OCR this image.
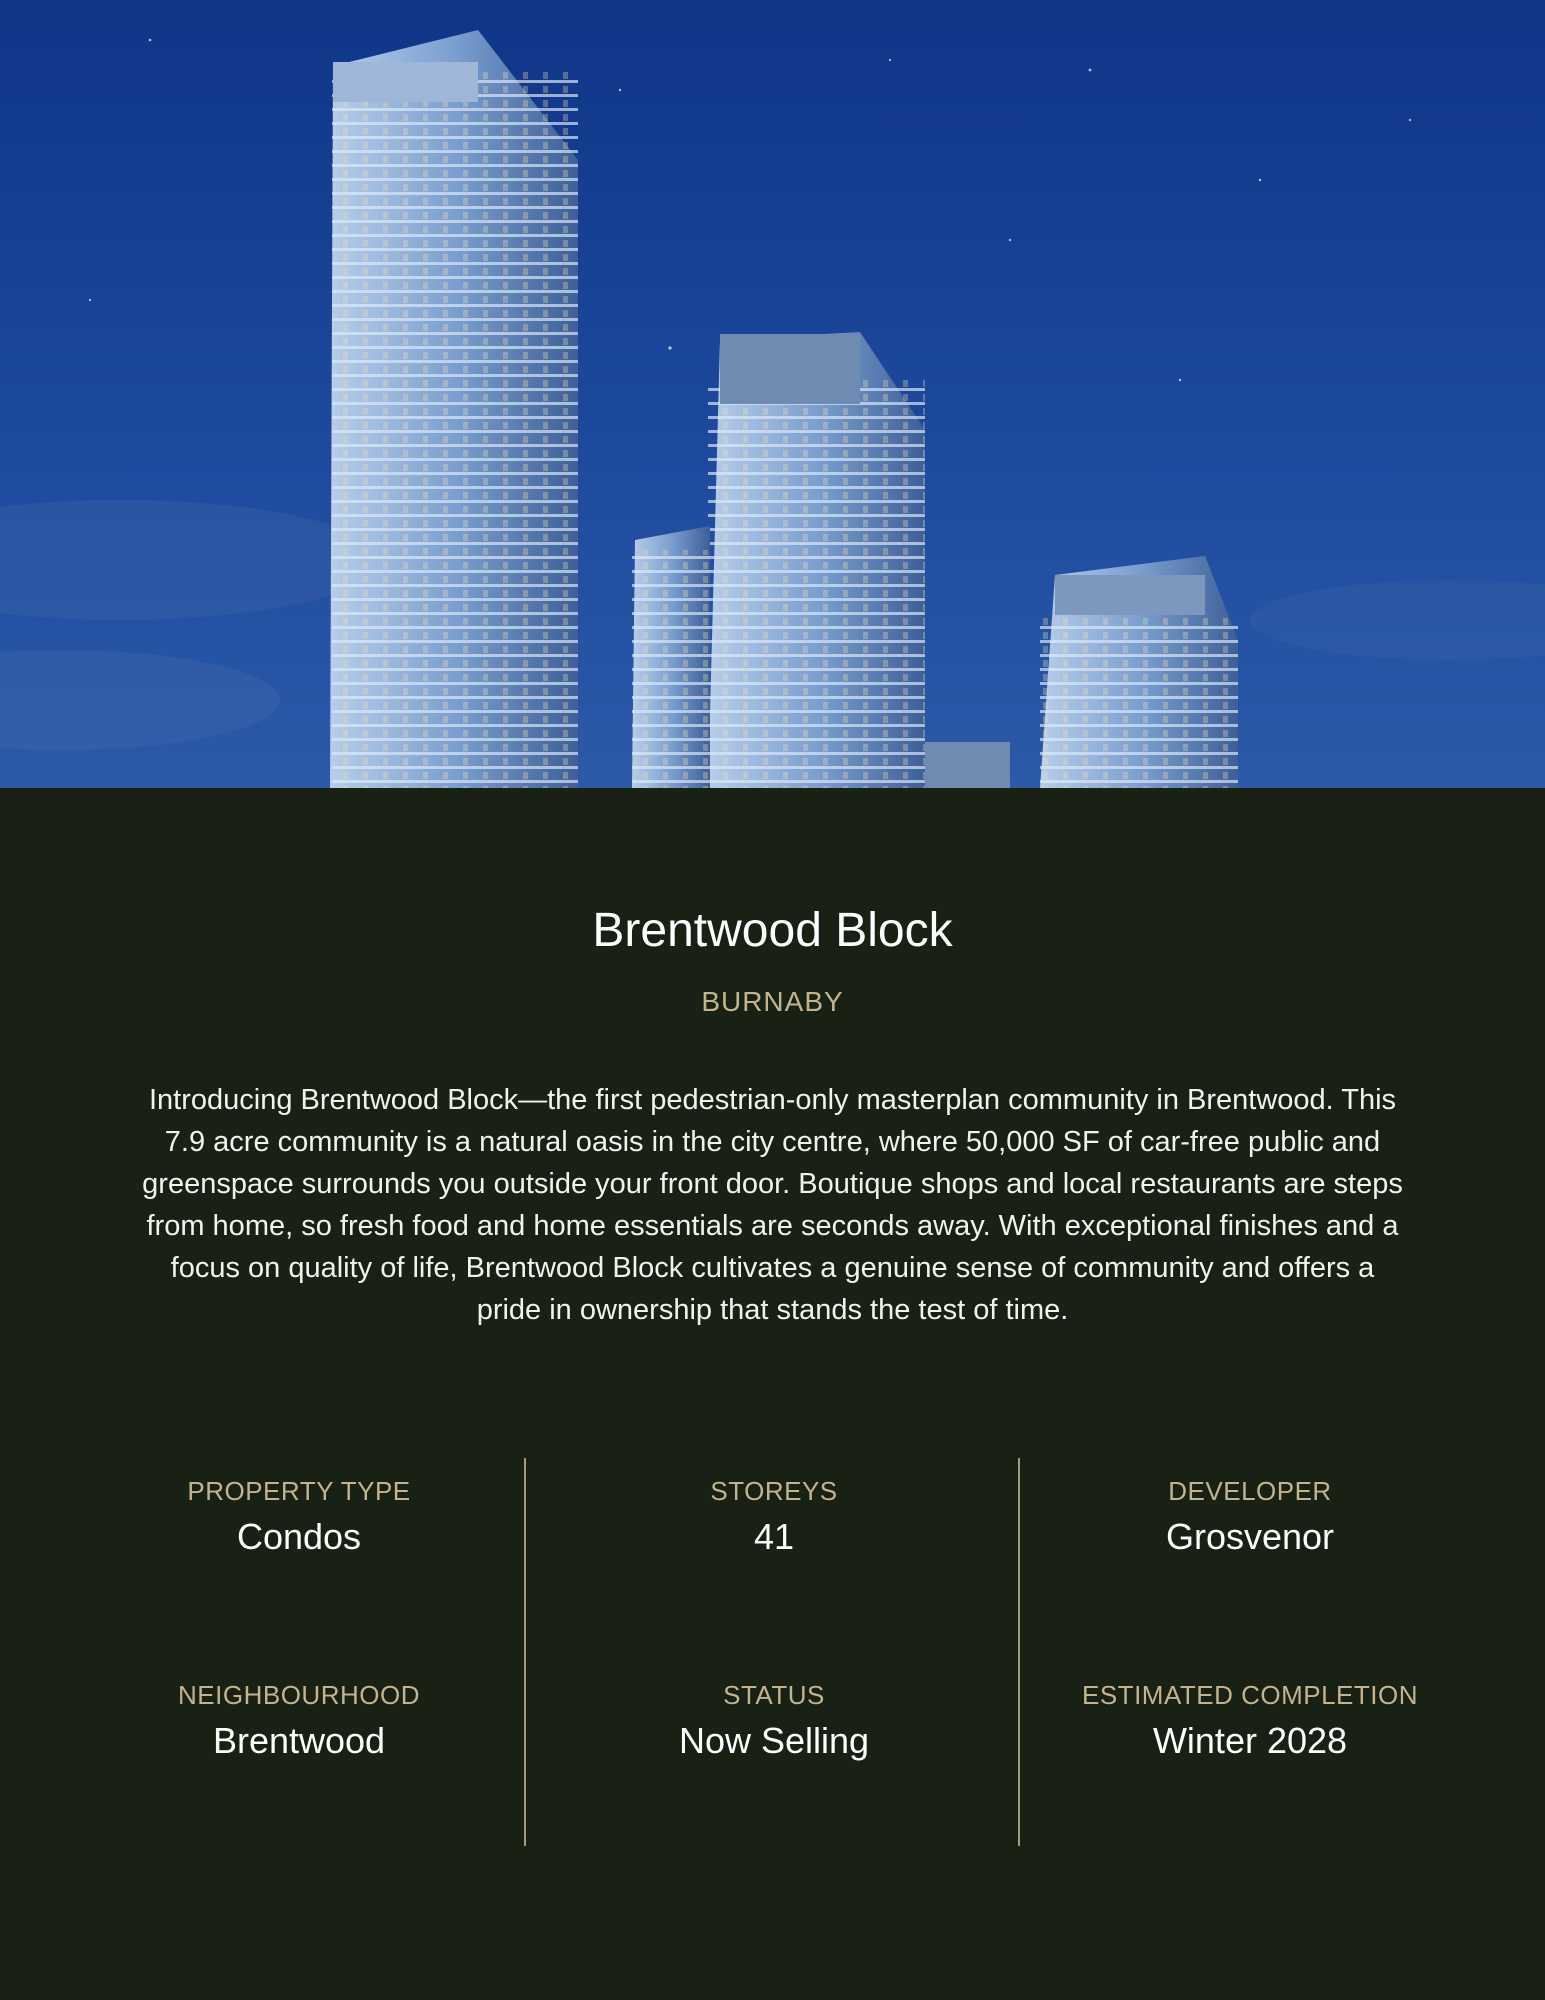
Brentwood Block

BURNABY

Introducing Brentwood Block—the first pedestrian-only masterplan community in Brentwood. This 7.9 acre community is a natural oasis in the city centre, where 50,000 SF of car-free public and greenspace surrounds you outside your front door. Boutique shops and local restaurants are steps from home, so fresh food and home essentials are seconds away. With exceptional finishes and a focus on quality of life, Brentwood Block cultivates a genuine sense of community and offers a pride in ownership that stands the test of time.

PROPERTY TYPE

Condos

STOREYS

41

DEVELOPER

Grosvenor

NEIGHBOURHOOD

Brentwood

STATUS

Now Selling

ESTIMATED COMPLETION

Winter 2028
